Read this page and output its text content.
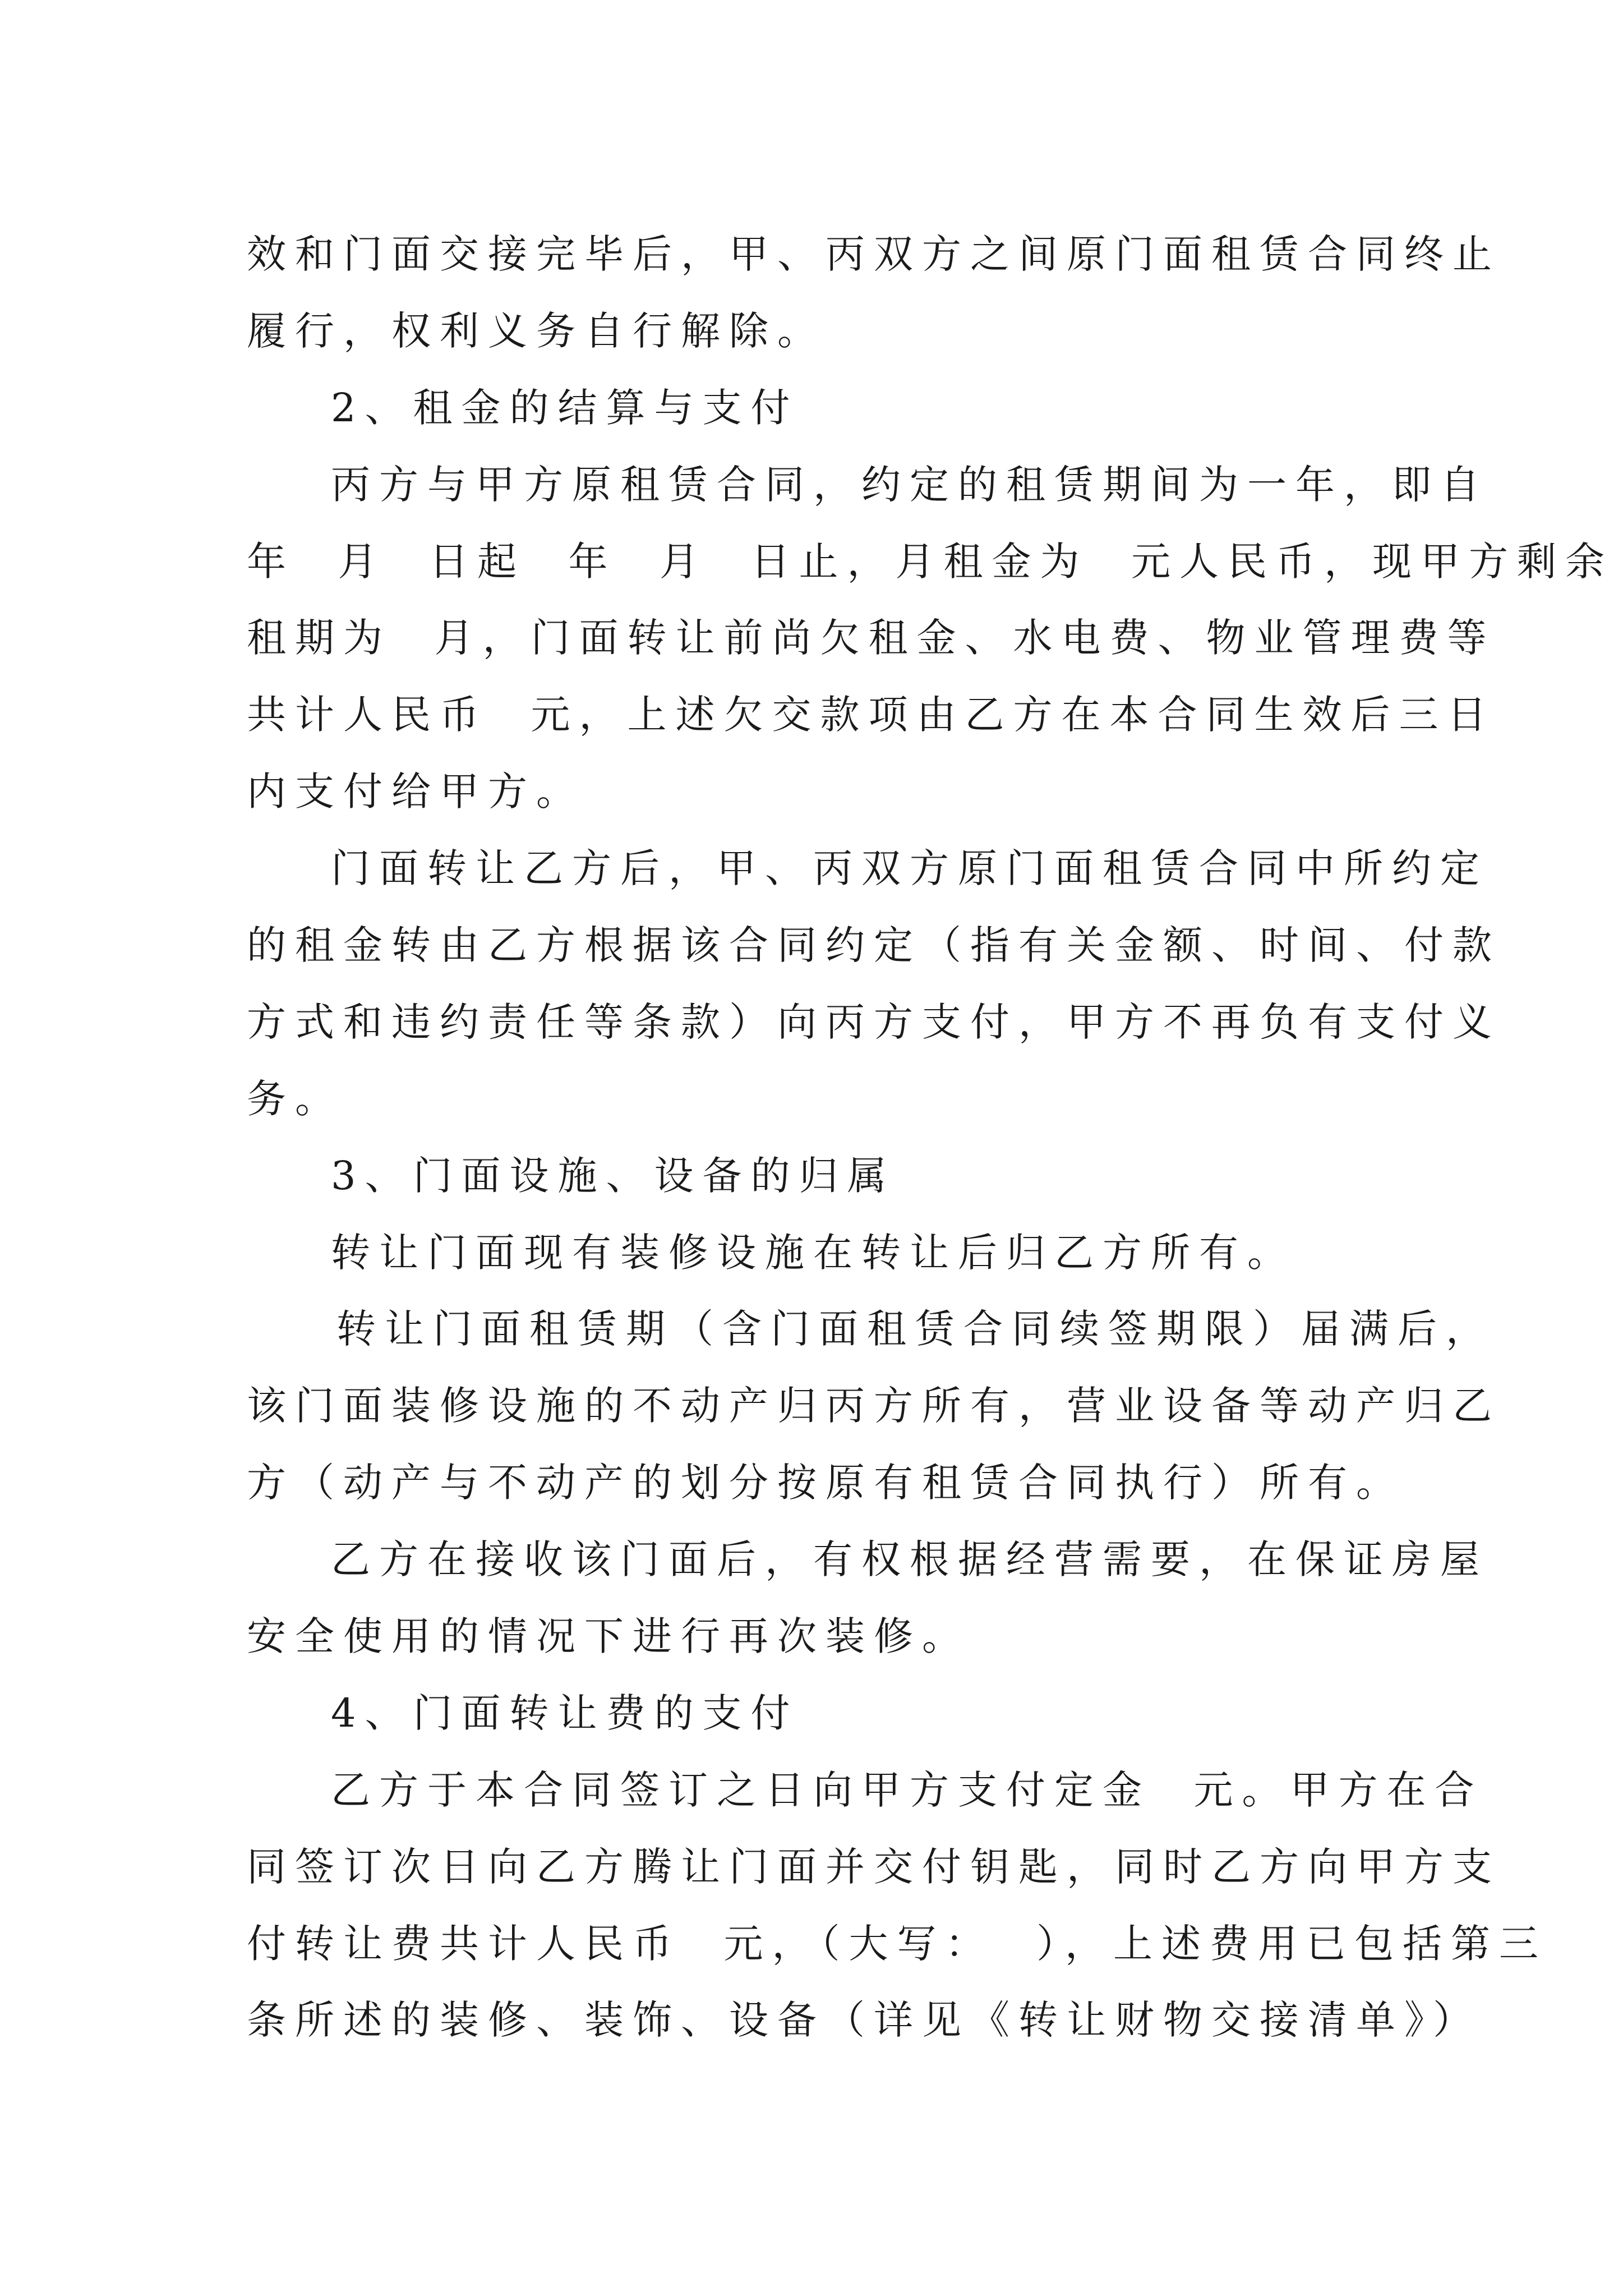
效和门面交接完毕后，甲、丙双方之间原门面租赁合同终止
履行，权利义务自行解除。
2、租金的结算与支付
丙方与甲方原租赁合同，约定的租赁期间为一年，即自
年  月  日起  年  月  日止，月租金为  元人民币，现甲方剩余
租期为  月，门面转让前尚欠租金、水电费、物业管理费等
共计人民币  元，上述欠交款项由乙方在本合同生效后三日
内支付给甲方。
门面转让乙方后，甲、丙双方原门面租赁合同中所约定
的租金转由乙方根据该合同约定（指有关金额、时间、付款
方式和违约责任等条款）向丙方支付，甲方不再负有支付义
务。
3、门面设施、设备的归属
转让门面现有装修设施在转让后归乙方所有。
转让门面租赁期（含门面租赁合同续签期限）届满后，
该门面装修设施的不动产归丙方所有，营业设备等动产归乙
方（动产与不动产的划分按原有租赁合同执行）所有。
乙方在接收该门面后，有权根据经营需要，在保证房屋
安全使用的情况下进行再次装修。
4、门面转让费的支付
乙方于本合同签订之日向甲方支付定金  元。甲方在合
同签订次日向乙方腾让门面并交付钥匙，同时乙方向甲方支
付转让费共计人民币  元，（大写：  ），上述费用已包括第三
条所述的装修、装饰、设备（详见《转让财物交接清单》）
